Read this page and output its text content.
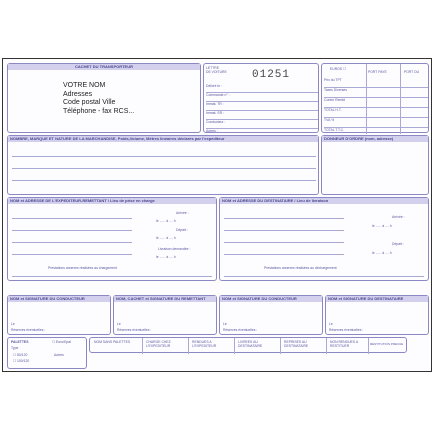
CACHET DU TRANSPORTEUR
VOTRE NOM
Adresses
Code postal Ville
Téléphone - fax RCS...
LETTRE
DE VOITURE 01251
Délivré le :
Commande n° :
Immat. TR :
Immat. SR :
Conducteur :
Autres :
EUROS ☐
PORT PAYE	PORT DU
Prix du TPT
Taxes Diverses
Contre Rembt
TOTAL H.T.
TVA %
TOTAL T.T.C.
NOMBRE, MARQUE ET NATURE DE LA MARCHANDISE, Poids,Volume, Mètres linéaires déclarés par l'expéditeur	DONNEUR D'ORDRE (nom, adresse)
NOM et ADRESSE DE L'EXPEDITEUR-REMETTANT / Lieu de prise en charge
Arrivée :
le ...... à .... h
Départ :
le ...... à .... h
Livraison demandée :
le ...... à .... h
Prestations annexes réalisées au chargement
NOM et ADRESSE DU DESTINATAIRE / Lieu de livraison
Arrivée :
le ...... à .... h
Départ :
le ...... à .... h
Prestations annexes réalisées au déchargement
NOM et SIGNATURE DU CONDUCTEUR
Le
Réserves éventuelles :
NOM, CACHET et SIGNATURE DU REMETTANT
Le
Réserves éventuelles :
NOM et SIGNATURE DU CONDUCTEUR
Le
Réserves éventuelles :
NOM et SIGNATURE DU DESTINATAIRE
Le
Réserves éventuelles :
PALETTES	☐ Euro/Epal
Type
☐ 80/120	Autres
☐ 100/120
NOM SANS PALETTES	CHARGE CHEZ L'EXPEDITEUR
RENDUES A L'EXPEDITEUR
LIVREES AU DESTINATAIRE
REPRISES AU DESTINATAIRE
NON RENDUES A RESTITUER	RESTITUTION PREVUE
